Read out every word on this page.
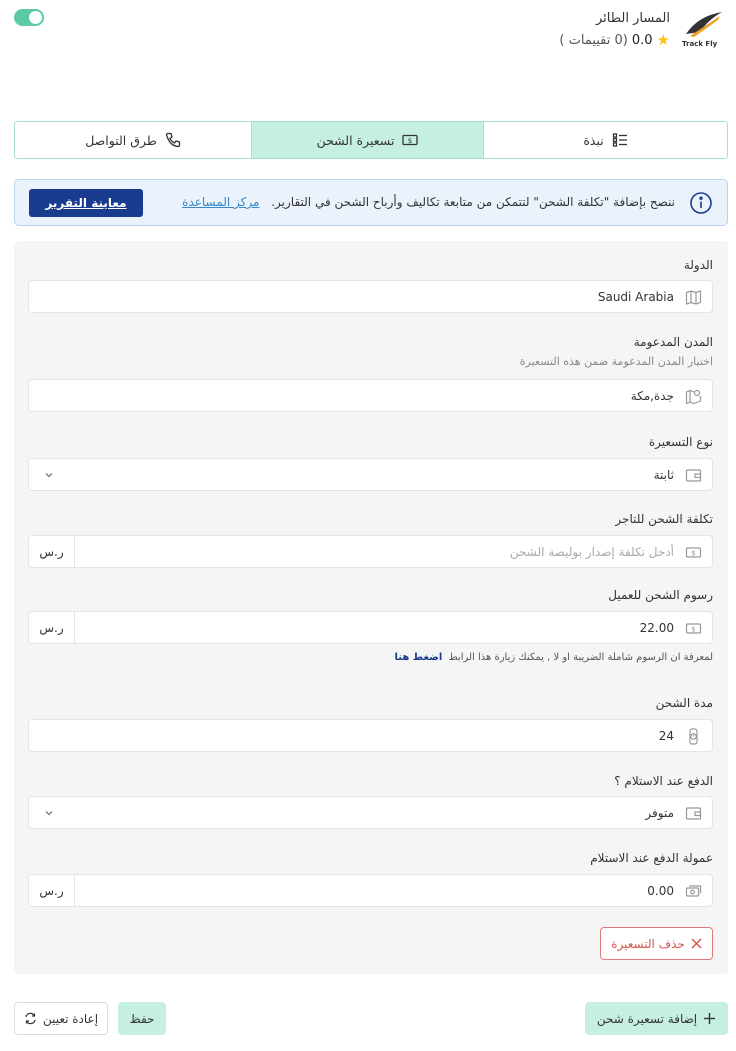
Track Fly
المسار الطائر
★
0.0
(0 تقييمات )
نبذة
$
تسعيرة الشحن
طرق التواصل
ننصح بإضافة "تكلفة الشحن" لتتمكن من متابعة تكاليف وأرباح الشحن في التقارير. مركز المساعدة
معاينة التقرير
الدولة
Saudi Arabia
المدن المدعومة
اختيار المدن المدعومة ضمن هذه التسعيرة
جدة,مكة
نوع التسعيرة
ثابتة
تكلفة الشحن للتاجر
$
أدخل تكلفة إصدار بوليصة الشحن
ر.س
رسوم الشحن للعميل
$
22.00
ر.س
لمعرفة ان الرسوم شاملة الضريبة او لا , يمكنك زيارة هذا الرابط اضغط هنا
مدة الشحن
24
الدفع عند الاستلام ؟
متوفر
عمولة الدفع عند الاستلام
0.00
ر.س
حذف التسعيرة
إضافة تسعيرة شحن
حفظ
إعادة تعيين
